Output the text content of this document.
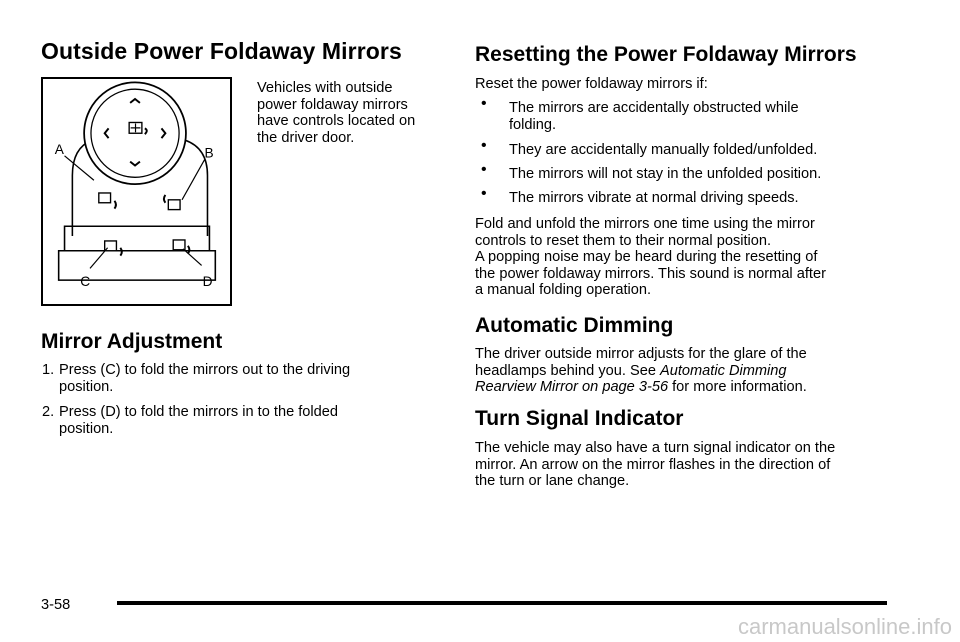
Outside Power Foldaway Mirrors
A	B
C	D
Vehicles with outside
power foldaway mirrors
have controls located on
the driver door.
Mirror Adjustment
1. Press (C) to fold the mirrors out to the driving
position.
2. Press (D) to fold the mirrors in to the folded
position.
Resetting the Power Foldaway Mirrors
Reset the power foldaway mirrors if:
•	The mirrors are accidentally obstructed while
folding.
•	They are accidentally manually folded/unfolded.
•	The mirrors will not stay in the unfolded position.
•	The mirrors vibrate at normal driving speeds.
Fold and unfold the mirrors one time using the mirror
controls to reset them to their normal position.
A popping noise may be heard during the resetting of
the power foldaway mirrors. This sound is normal after
a manual folding operation.
Automatic Dimming
The driver outside mirror adjusts for the glare of the
headlamps behind you. See Automatic Dimming
Rearview Mirror on page 3‑56 for more information.
Turn Signal Indicator
The vehicle may also have a turn signal indicator on the
mirror. An arrow on the mirror flashes in the direction of
the turn or lane change.
3-58
carmanualsonline.info
